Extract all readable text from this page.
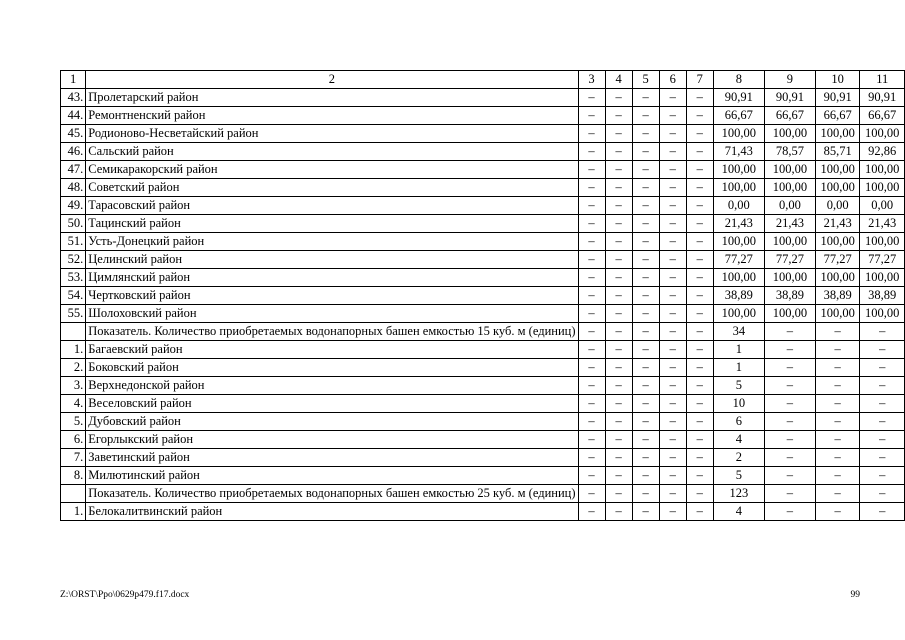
1	2	3	4	5	6	7	8	9	10	11
43.	Пролетарский район	–	–	–	–	–	90,91	90,91	90,91	90,91
44.	Ремонтненский район	–	–	–	–	–	66,67	66,67	66,67	66,67
45.	Родионово-Несветайский район	–	–	–	–	–	100,00	100,00	100,00	100,00
46.	Сальский район	–	–	–	–	–	71,43	78,57	85,71	92,86
47.	Семикаракорский район	–	–	–	–	–	100,00	100,00	100,00	100,00
48.	Советский район	–	–	–	–	–	100,00	100,00	100,00	100,00
49.	Тарасовский район	–	–	–	–	–	0,00	0,00	0,00	0,00
50.	Тацинский район	–	–	–	–	–	21,43	21,43	21,43	21,43
51.	Усть-Донецкий район	–	–	–	–	–	100,00	100,00	100,00	100,00
52.	Целинский район	–	–	–	–	–	77,27	77,27	77,27	77,27
53.	Цимлянский район	–	–	–	–	–	100,00	100,00	100,00	100,00
54.	Чертковский район	–	–	–	–	–	38,89	38,89	38,89	38,89
55.	Шолоховский район	–	–	–	–	–	100,00	100,00	100,00	100,00
	Показатель. Количество приобретаемых водонапорных башен емкостью 15 куб. м (единиц)	–	–	–	–	–	34	–	–	–
1.	Багаевский район	–	–	–	–	–	1	–	–	–
2.	Боковский район	–	–	–	–	–	1	–	–	–
3.	Верхнедонской район	–	–	–	–	–	5	–	–	–
4.	Веселовский район	–	–	–	–	–	10	–	–	–
5.	Дубовский район	–	–	–	–	–	6	–	–	–
6.	Егорлыкский район	–	–	–	–	–	4	–	–	–
7.	Заветинский район	–	–	–	–	–	2	–	–	–
8.	Милютинский район	–	–	–	–	–	5	–	–	–
	Показатель. Количество приобретаемых водонапорных башен емкостью 25 куб. м (единиц)	–	–	–	–	–	123	–	–	–
1.	Белокалитвинский район	–	–	–	–	–	4	–	–	–
Z:\ORST\Ppo\0629p479.f17.docx	99
